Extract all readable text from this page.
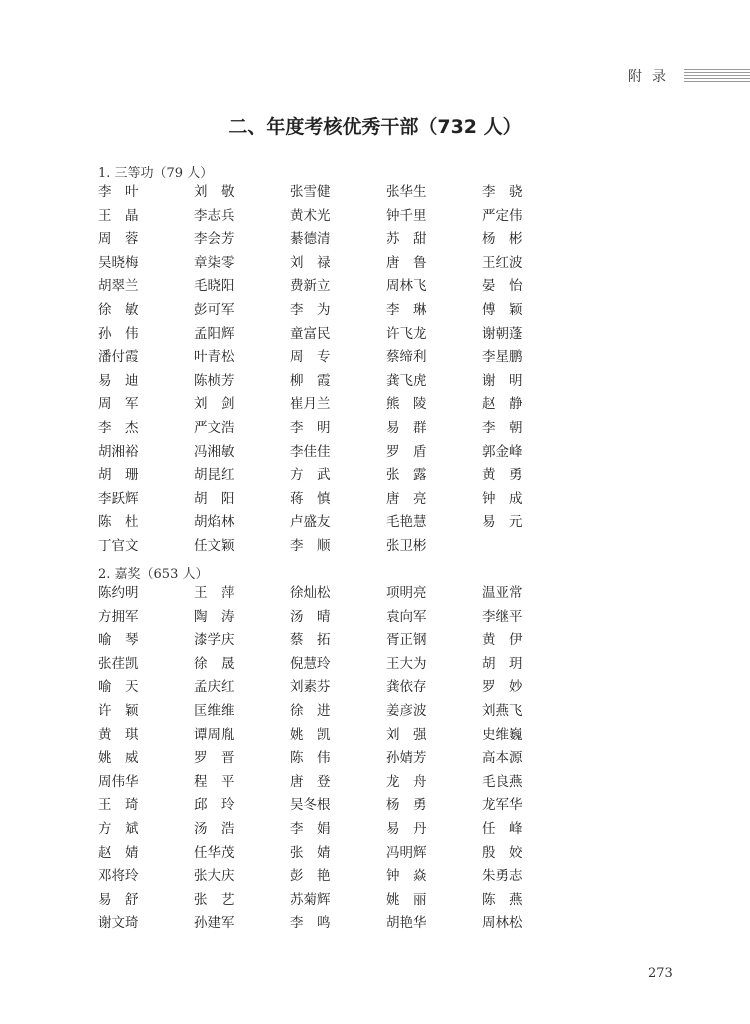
附录
二、年度考核优秀干部（732 人）
1. 三等功（79 人）
李　叶	刘　敬	张雪健	张华生	李　骁
王　晶	李志兵	黄术光	钟千里	严定伟
周　蓉	李会芳	綦德清	苏　甜	杨　彬
吴晓梅	章柒零	刘　禄	唐　鲁	王红波
胡翠兰	毛晓阳	费新立	周林飞	晏　怡
徐　敏	彭可军	李　为	李　琳	傅　颖
孙　伟	孟阳辉	童富民	许飞龙	谢朝蓬
潘付霞	叶青松	周　专	蔡缔利	李星鹏
易　迪	陈桢芳	柳　霞	龚飞虎	谢　明
周　军	刘　剑	崔月兰	熊　陵	赵　静
李　杰	严文浩	李　明	易　群	李　朝
胡湘裕	冯湘敏	李佳佳	罗　盾	郭金峰
胡　珊	胡昆红	方　武	张　露	黄　勇
李跃辉	胡　阳	蒋　慎	唐　亮	钟　成
陈　杜	胡焰林	卢盛友	毛艳慧	易　元
丁官文	任文颖	李　顺	张卫彬
2. 嘉奖（653 人）
陈约明	王　萍	徐灿松	项明亮	温亚常
方拥军	陶　涛	汤　晴	袁向军	李继平
喻　琴	漆学庆	蔡　拓	胥正钢	黄　伊
张荏凯	徐　晟	倪慧玲	王大为	胡　玥
喻　天	孟庆红	刘素芬	龚依存	罗　妙
许　颖	匡维维	徐　进	姜彦波	刘燕飞
黄　琪	谭周胤	姚　凯	刘　强	史维巍
姚　威	罗　晋	陈　伟	孙婧芳	高本源
周伟华	程　平	唐　登	龙　舟	毛良燕
王　琦	邱　玲	吴冬根	杨　勇	龙军华
方　斌	汤　浩	李　娟	易　丹	任　峰
赵　婧	任华茂	张　婧	冯明辉	殷　姣
邓将玲	张大庆	彭　艳	钟　焱	朱勇志
易　舒	张　艺	苏菊辉	姚　丽	陈　燕
谢文琦	孙建军	李　鸣	胡艳华	周林松
273
